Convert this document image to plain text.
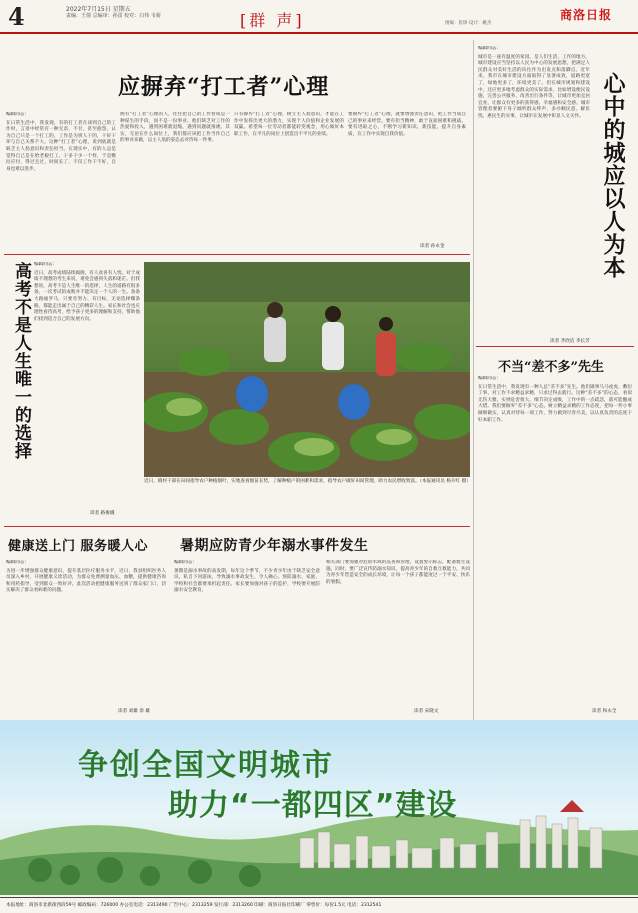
4	2022年7月15日 星期五
责编：王倩 总编审：孙雷 校对：白伟 韦菊	[群 声]	图编：崔铮 设计：姚杰
商洛日报
应摒弃“打工者”心理
编辑同志：
在日常生活中，我发现，有的打工者在谈到自己的工作时，言语中经常有一种无奈、不甘，甚至抱怨，认为自己只是一个打工的，工作是为别人干的，干好干坏与自己关系不大。这种“打工者”心理，说到底就是缺乏主人翁意识和责任担当。在现实中，有的人总是觉得自己是在给老板打工，干多干少一个样，于是敷衍应付、得过且过，时间长了，不仅工作干不好，自身也难以进步。
拥有“打工者”心理的人，往往把自己的工作看成是一种谋生的手段，而不是一份事业。他们缺乏对工作的热爱和投入，遇到困难就退缩，遇到问题就推诿。其实，无论在什么岗位上，我们都应该把工作当作自己的事业来做，以主人翁的姿态去对待每一件事。
只有摒弃“打工者”心理，树立主人翁意识，才能在工作中发挥出更大的潜力，实现个人价值和企业发展的双赢。希望每一位劳动者都能转变观念，用心做好本职工作，在平凡的岗位上创造出不平凡的业绩。
要摒弃“打工者”心理，就要增强责任意识，把工作当成自己的事业来经营。要有担当精神，敢于直面困难和挑战。要有进取之心，不断学习新知识、新技能，提升自身素质，在工作中实现自我价值。
读者 孙永金	心中的城应以人为本
编辑同志：
城市是一座有温度的家园，是人们生活、工作的地方。城市建设应当坚持以人民为中心的发展思想，把满足人民群众对美好生活的向往作为出发点和落脚点。近年来，我市在城市建设方面取得了显著成效，道路更宽了，绿地更多了，环境更美了。但在城市规划和建设中，还应更多地考虑群众的实际需求，比如增设便民设施、完善公共服务、改善出行条件等，让城市更加宜居宜业，让群众有更多的获得感、幸福感和安全感。城市管理者要俯下身子倾听群众呼声，多办顺民意、解民忧、惠民生的实事，让城市在发展中彰显人文关怀。
读者 齐欣洁 李长芳
高考不是人生唯一的选择 编辑同志：
近日，高考成绩陆续揭晓，有人欢喜有人忧。对于成绩不理想的考生来说，难免会感到失落和迷茫。但我想说，高考不是人生唯一的选择，人生的道路有很多条，一次考试的成败并不能决定一个人的一生。条条大路通罗马，只要肯努力、有目标，无论选择哪条路，都能走出属于自己的精彩人生。家长和社会也应理性看待高考，给予孩子更多的理解和支持，帮助他们找到适合自己的发展方向。
读者 路俊娥
近日，镇村干部在田间指导农户种植烟叶，实地查看烟苗长势，了解种植户的困难和需求，指导农户做好田间管理，助力农民增收致富。（本报通讯员 杨开红 摄）
不当“差不多”先生
编辑同志：
在日常生活中，我发现有一种人总“差不多”先生。他们做事马马虎虎、敷衍了事，对工作不求精益求精，只求过得去就行。这种“差不多”的心态，看似无伤大雅，实则危害很大。细节决定成败，工作中的一点疏忽，就可能酿成大错。我们要摒弃“差不多”心态，树立精益求精的工作态度，把每一件小事做细做实，认真对待每一项工作，努力做到尽善尽美，以认真负责的态度干好本职工作。
读者 和永全
健康送上门 服务暖人心
编辑同志：
为进一步增强群众健康意识，提升基层医疗服务水平，近日，我县组织医务人员深入乡村，开展健康义诊活动，为群众免费测量血压、血糖，提供健康咨询和用药指导，受到群众一致好评。此次活动把健康服务送到了群众家门口，切实解决了群众看病难的问题。
读者 刘雄 余 雄
暑期应防青少年溺水事件发生
编辑同志：
暑期是溺水事故的高发期，每年这个季节，不少青少年由于缺乏安全意识，私自下河游泳，导致溺水事故发生，令人痛心。预防溺水，家庭、学校和社会都要承担起责任。家长要加强对孩子的监护，学校要开展防溺水安全教育。
相关部门要加强对危险水域的巡查和管理，设置警示标志，配备救生设施。同时，要广泛宣传防溺水知识，提高青少年的自救互救能力，共同为青少年营造安全的成长环境，让每一个孩子都能度过一个平安、快乐的暑假。
读者 宋晓文
争创全国文明城市
助力“一都四区”建设
本报地址：商洛市北新街西段59号 邮政编码：726000 办公室电话：2313490 广告中心：2313259 发行部：2313260 印刷：商洛日报社印刷厂 零售价：每份1.5元 电话：2312541
